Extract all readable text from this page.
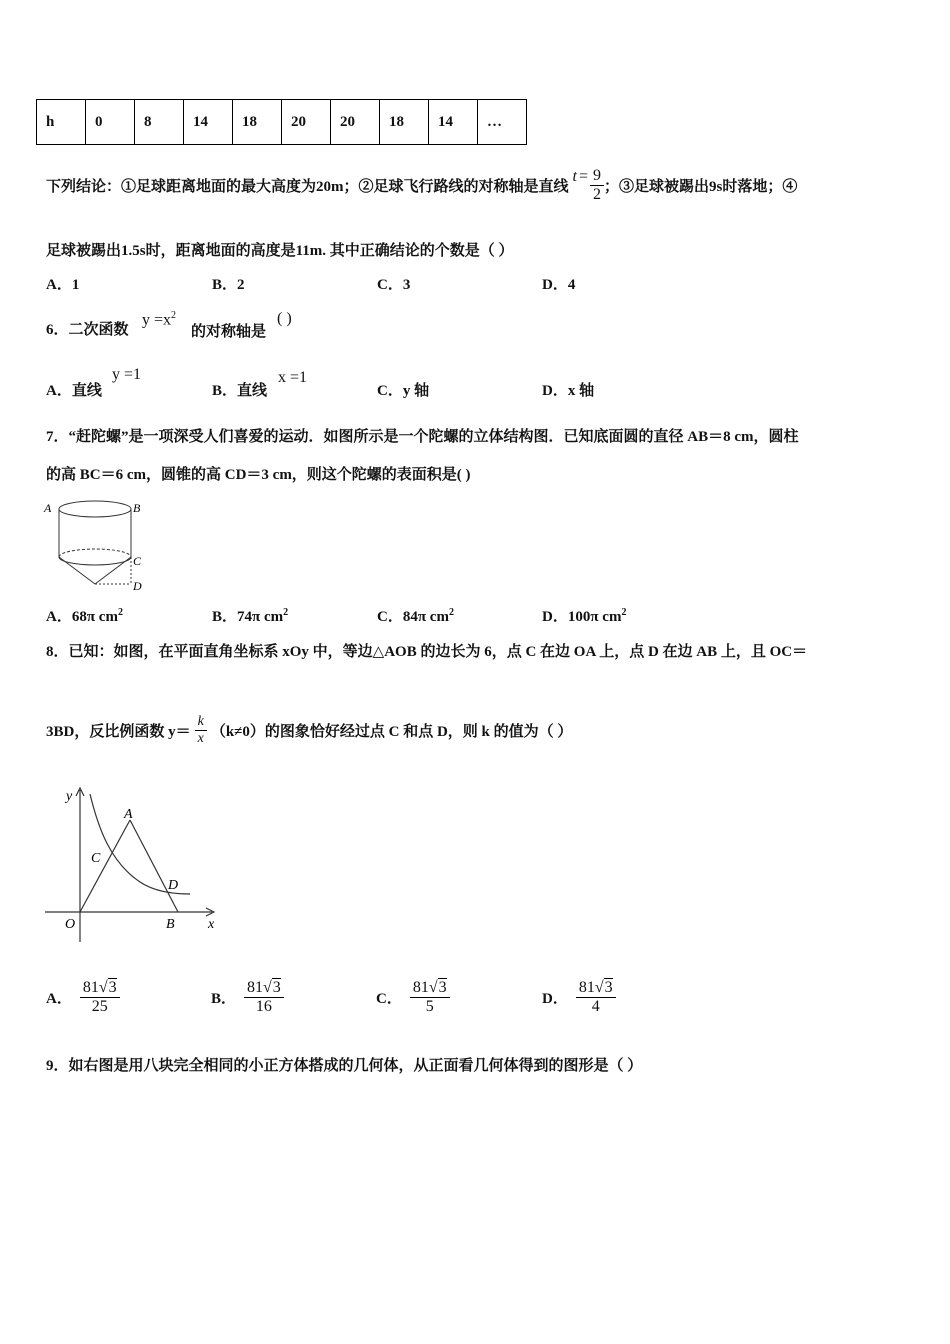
h	0	8	14	18	20	20	18	14	…
下列结论：①足球距离地面的最大高度为20m；②足球飞行路线的对称轴是直线
$t = \frac{9}{2}$ ；③足球被踢出9s时落地；④
足球被踢出1.5s时，距离地面的高度是11m. 其中正确结论的个数是（ ）
A．1	B．2	C．3	D．4
6．二次函数
$y =x^2$
的对称轴是
( )
A．直线
y =1
B．直线
x =1
C．y 轴	D．x 轴
7．“赶陀螺”是一项深受人们喜爱的运动．如图所示是一个陀螺的立体结构图．已知底面圆的直径 AB＝8 cm，圆柱
的高 BC＝6 cm，圆锥的高 CD＝3 cm，则这个陀螺的表面积是( )
A	B
C
D
A．68π $cm^2$	B．74π $cm^2$	C．84π $cm^2$	D．100π $cm^2$
8．已知：如图，在平面直角坐标系 xOy 中，等边△AOB 的边长为 6，点 C 在边 OA 上，点 D 在边 AB 上，且 OC＝
3BD，反比例函数 $y= \frac{k}{x} (k\ne 0)$的图象恰好经过点 C 和点 D，则 k 的值为（ ）
y
x
O
A
B
C
D
A． $\frac{81√3}{25}$	B． $\frac{81√3}{16}$	C． $\frac{81√3}{5}$	D． $\frac{81√3}{4}$
9．如右图是用八块完全相同的小正方体搭成的几何体，从正面看几何体得到的图形是（ ）
